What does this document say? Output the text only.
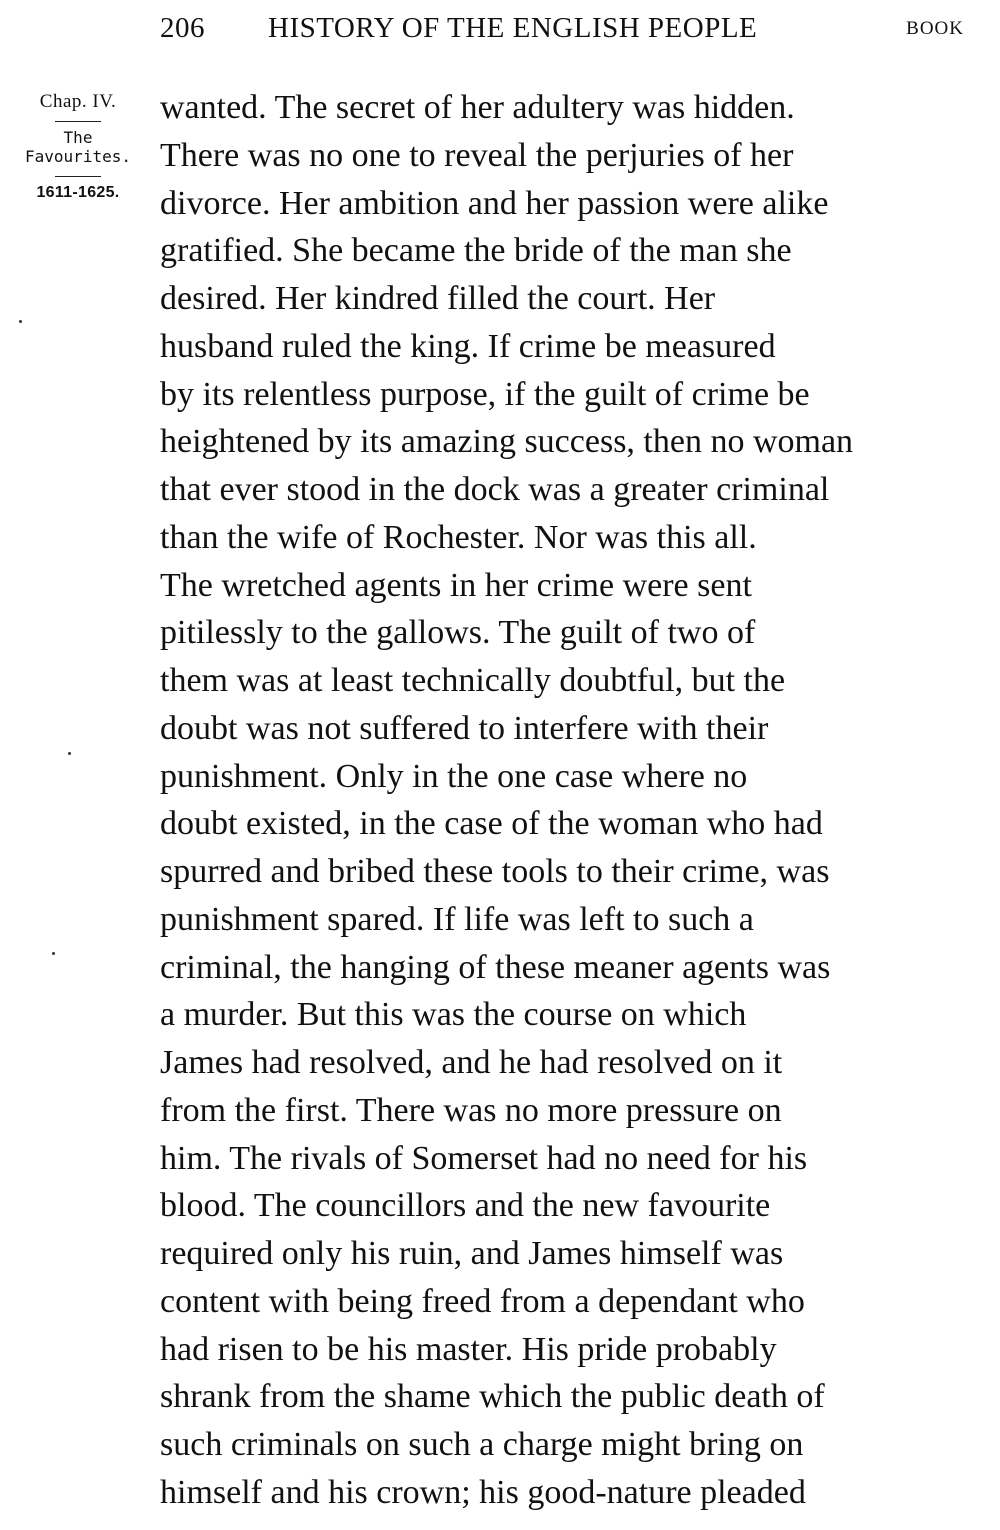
206 HISTORY OF THE ENGLISH PEOPLE	BOOK
Chap. IV.
The
Favourites.
1611-1625.
wanted. The secret of her adultery was hidden.
There was no one to reveal the perjuries of her
divorce. Her ambition and her passion were alike
gratified. She became the bride of the man she
desired. Her kindred filled the court. Her
husband ruled the king. If crime be measured
by its relentless purpose, if the guilt of crime be
heightened by its amazing success, then no woman
that ever stood in the dock was a greater criminal
than the wife of Rochester. Nor was this all.
The wretched agents in her crime were sent
pitilessly to the gallows. The guilt of two of
them was at least technically doubtful, but the
doubt was not suffered to interfere with their
punishment. Only in the one case where no
doubt existed, in the case of the woman who had
spurred and bribed these tools to their crime, was
punishment spared. If life was left to such a
criminal, the hanging of these meaner agents was
a murder. But this was the course on which
James had resolved, and he had resolved on it
from the first. There was no more pressure on
him. The rivals of Somerset had no need for his
blood. The councillors and the new favourite
required only his ruin, and James himself was
content with being freed from a dependant who
had risen to be his master. His pride probably
shrank from the shame which the public death of
such criminals on such a charge might bring on
himself and his crown; his good-nature pleaded
